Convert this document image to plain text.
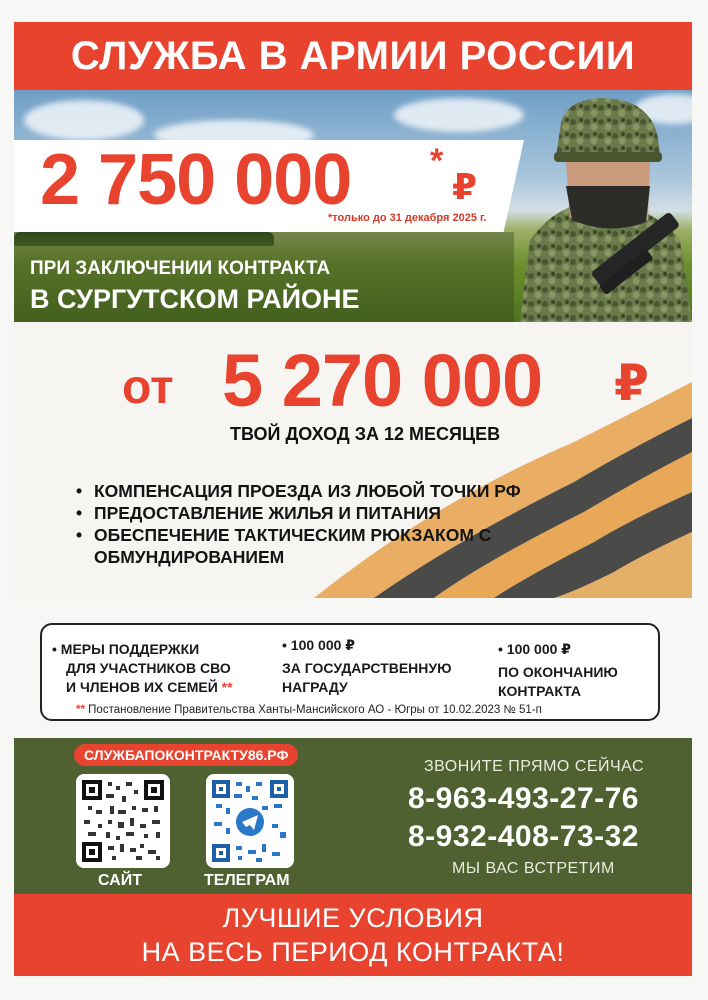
СЛУЖБА В АРМИИ РОССИИ
2 750 000 *
₽
*только до 31 декабря 2025 г.
ПРИ ЗАКЛЮЧЕНИИ КОНТРАКТА
В СУРГУТСКОМ РАЙОНЕ
от 5 270 000 ₽
ТВОЙ ДОХОД ЗА 12 МЕСЯЦЕВ
• КОМПЕНСАЦИЯ ПРОЕЗДА ИЗ ЛЮБОЙ ТОЧКИ РФ
• ПРЕДОСТАВЛЕНИЕ ЖИЛЬЯ И ПИТАНИЯ
• ОБЕСПЕЧЕНИЕ ТАКТИЧЕСКИМ РЮКЗАКОМ С ОБМУНДИРОВАНИЕМ
• МЕРЫ ПОДДЕРЖКИ
ДЛЯ УЧАСТНИКОВ СВО
И ЧЛЕНОВ ИХ СЕМЕЙ **
• 100 000 ₽
ЗА ГОСУДАРСТВЕННУЮ
НАГРАДУ
• 100 000 ₽
ПО ОКОНЧАНИЮ
КОНТРАКТА
** Постановление Правительства Ханты-Мансийского АО - Югры от 10.02.2023 № 51-п
СЛУЖБАПОКОНТРАКТУ86.РФ
САЙТ	ТЕЛЕГРАМ
ЗВОНИТЕ ПРЯМО СЕЙЧАС
8-963-493-27-76
8-932-408-73-32
МЫ ВАС ВСТРЕТИМ
ЛУЧШИЕ УСЛОВИЯ
НА ВЕСЬ ПЕРИОД КОНТРАКТА!
